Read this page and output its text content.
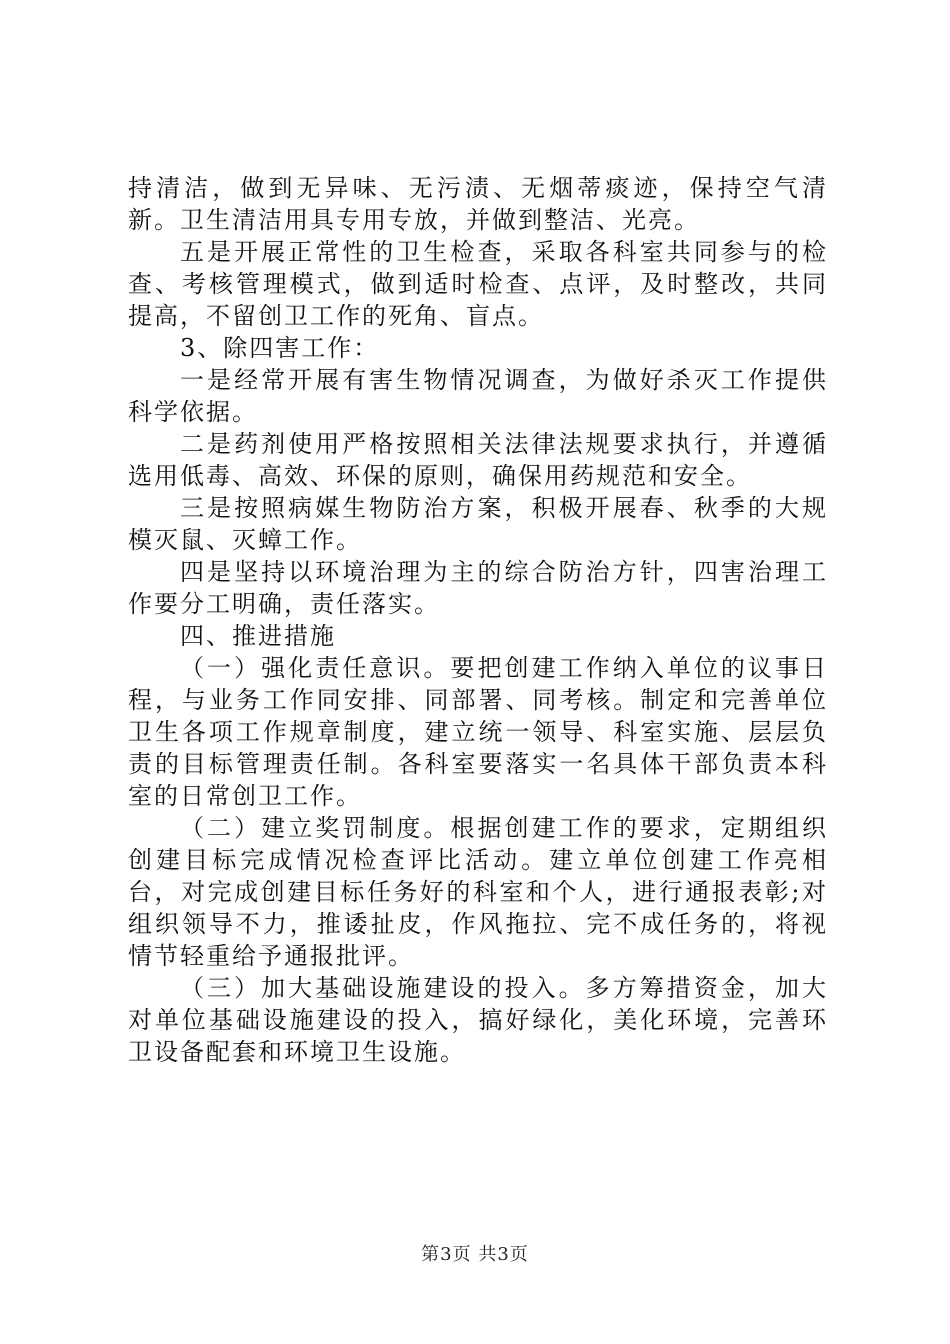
持清洁，做到无异味、无污渍、无烟蒂痰迹，保持空气清新。卫生清洁用具专用专放，并做到整洁、光亮。

五是开展正常性的卫生检查，采取各科室共同参与的检查、考核管理模式，做到适时检查、点评，及时整改，共同提高，不留创卫工作的死角、盲点。

3、除四害工作：

一是经常开展有害生物情况调查，为做好杀灭工作提供科学依据。

二是药剂使用严格按照相关法律法规要求执行，并遵循选用低毒、高效、环保的原则，确保用药规范和安全。

三是按照病媒生物防治方案，积极开展春、秋季的大规模灭鼠、灭蟑工作。

四是坚持以环境治理为主的综合防治方针，四害治理工作要分工明确，责任落实。

四、推进措施

（一）强化责任意识。要把创建工作纳入单位的议事日程，与业务工作同安排、同部署、同考核。制定和完善单位卫生各项工作规章制度，建立统一领导、科室实施、层层负责的目标管理责任制。各科室要落实一名具体干部负责本科室的日常创卫工作。

（二）建立奖罚制度。根据创建工作的要求，定期组织创建目标完成情况检查评比活动。建立单位创建工作亮相台，对完成创建目标任务好的科室和个人，进行通报表彰;对组织领导不力，推诿扯皮，作风拖拉、完不成任务的，将视情节轻重给予通报批评。

（三）加大基础设施建设的投入。多方筹措资金，加大对单位基础设施建设的投入，搞好绿化，美化环境，完善环卫设备配套和环境卫生设施。

第3页 共3页
